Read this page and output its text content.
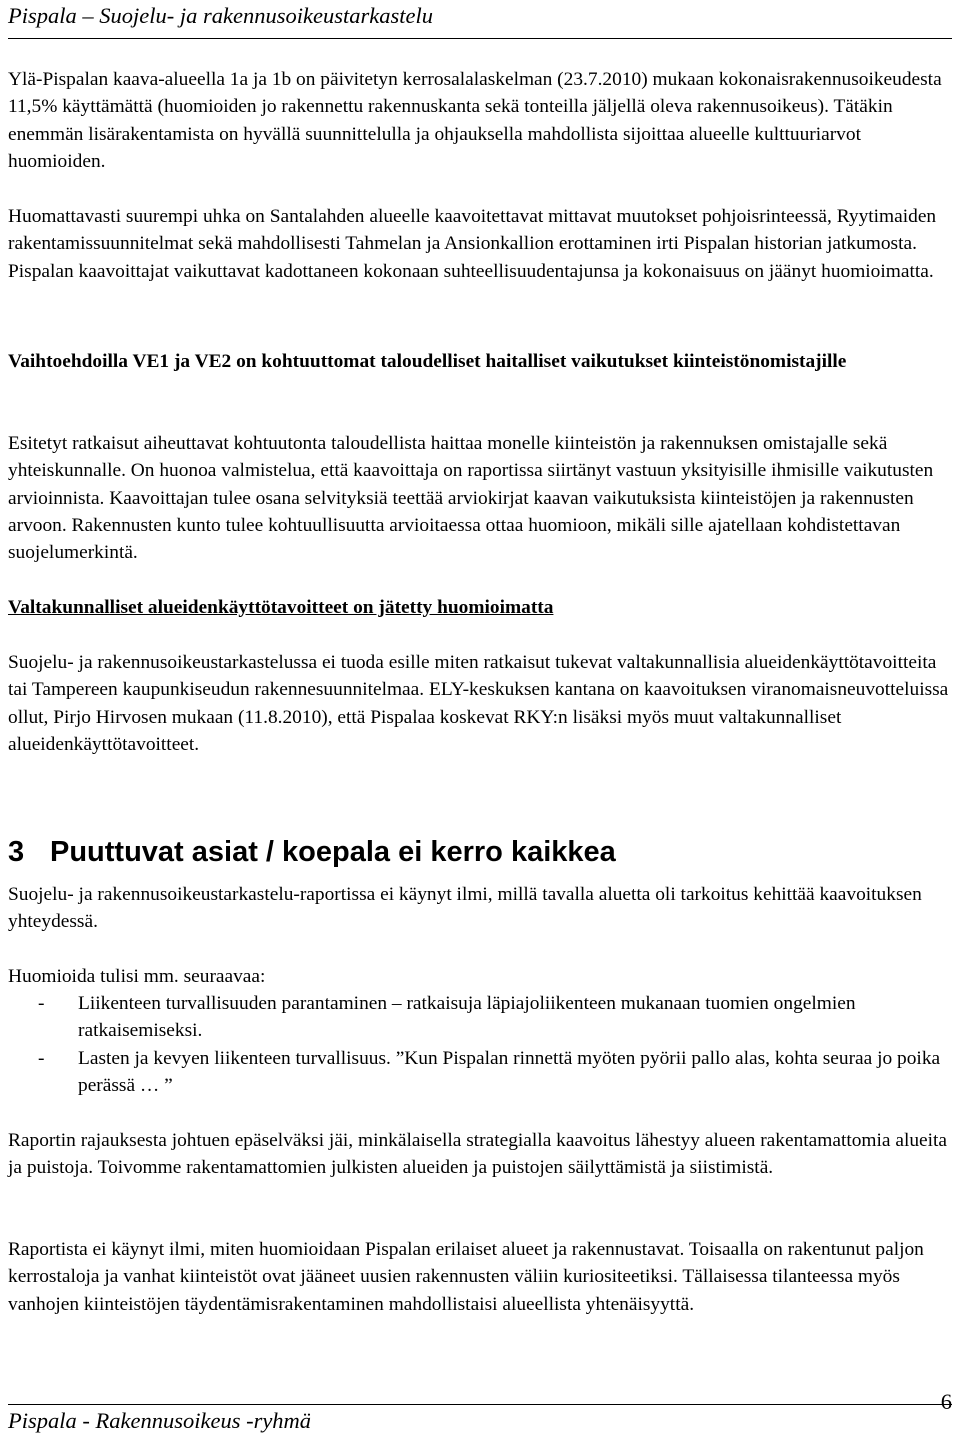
Pispala – Suojelu- ja rakennusoikeustarkastelu

Ylä-Pispalan kaava-alueella 1a ja 1b on päivitetyn kerrosalalaskelman (23.7.2010) mukaan kokonaisrakennusoikeudesta 11,5% käyttämättä (huomioiden jo rakennettu rakennuskanta sekä tonteilla jäljellä oleva rakennusoikeus). Tätäkin enemmän lisärakentamista on hyvällä suunnittelulla ja ohjauksella mahdollista sijoittaa alueelle kulttuuriarvot huomioiden.

Huomattavasti suurempi uhka on Santalahden alueelle kaavoitettavat mittavat muutokset pohjoisrinteessä, Ryytimaiden rakentamissuunnitelmat sekä mahdollisesti Tahmelan ja Ansionkallion erottaminen irti Pispalan historian jatkumosta. Pispalan kaavoittajat vaikuttavat kadottaneen kokonaan suhteellisuudentajunsa ja kokonaisuus on jäänyt huomioimatta.

Vaihtoehdoilla VE1 ja VE2 on kohtuuttomat taloudelliset haitalliset vaikutukset kiinteistönomistajille

Esitetyt ratkaisut aiheuttavat kohtuutonta taloudellista haittaa monelle kiinteistön ja rakennuksen omistajalle sekä yhteiskunnalle. On huonoa valmistelua, että kaavoittaja on raportissa siirtänyt vastuun yksityisille ihmisille vaikutusten arvioinnista. Kaavoittajan tulee osana selvityksiä teettää arviokirjat kaavan vaikutuksista kiinteistöjen ja rakennusten arvoon. Rakennusten kunto tulee kohtuullisuutta arvioitaessa ottaa huomioon, mikäli sille ajatellaan kohdistettavan suojelumerkintä.

Valtakunnalliset alueidenkäyttötavoitteet on jätetty huomioimatta

Suojelu- ja rakennusoikeustarkastelussa ei tuoda esille miten ratkaisut tukevat valtakunnallisia alueidenkäyttötavoitteita tai Tampereen kaupunkiseudun rakennesuunnitelmaa. ELY-keskuksen kantana on kaavoituksen viranomaisneuvotteluissa ollut, Pirjo Hirvosen mukaan (11.8.2010), että Pispalaa koskevat RKY:n lisäksi myös muut valtakunnalliset alueidenkäyttötavoitteet.

3 Puuttuvat asiat / koepala ei kerro kaikkea

Suojelu- ja rakennusoikeustarkastelu-raportissa ei käynyt ilmi, millä tavalla aluetta oli tarkoitus kehittää kaavoituksen yhteydessä.

Huomioida tulisi mm. seuraavaa:

- Liikenteen turvallisuuden parantaminen – ratkaisuja läpiajoliikenteen mukanaan tuomien ongelmien ratkaisemiseksi.
- Lasten ja kevyen liikenteen turvallisuus. ”Kun Pispalan rinnettä myöten pyörii pallo alas, kohta seuraa jo poika perässä … ”

Raportin rajauksesta johtuen epäselväksi jäi, minkälaisella strategialla kaavoitus lähestyy alueen rakentamattomia alueita ja puistoja. Toivomme rakentamattomien julkisten alueiden ja puistojen säilyttämistä ja siistimistä.

Raportista ei käynyt ilmi, miten huomioidaan Pispalan erilaiset alueet ja rakennustavat. Toisaalla on rakentunut paljon kerrostaloja ja vanhat kiinteistöt ovat jääneet uusien rakennusten väliin kuriositeetiksi. Tällaisessa tilanteessa myös vanhojen kiinteistöjen täydentämisrakentaminen mahdollistaisi alueellista yhtenäisyyttä.

Pispala - Rakennusoikeus -ryhmä
6
